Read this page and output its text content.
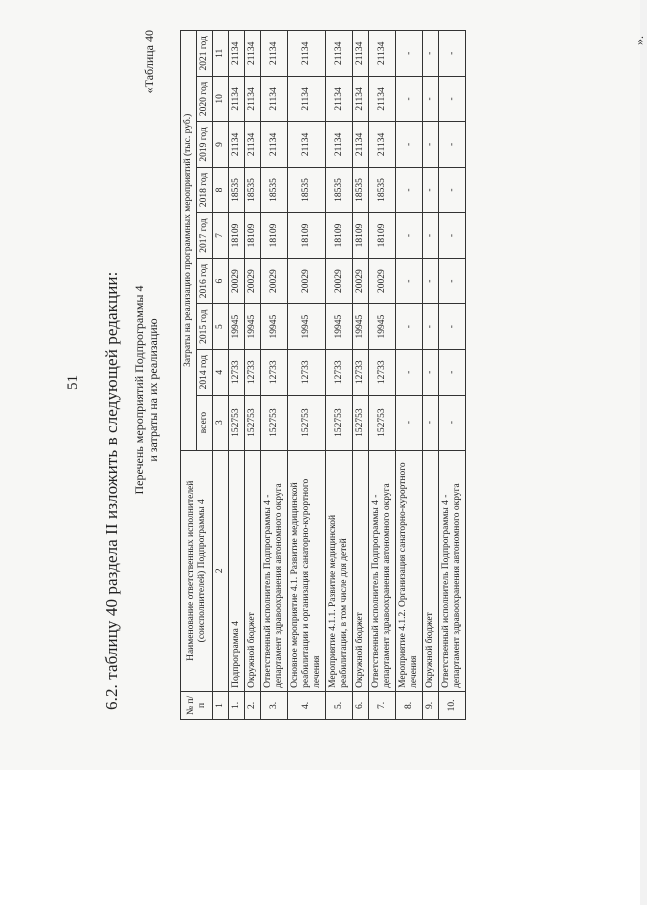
51 6.2. таблицу 40 раздела II изложить в следующей редакции:
«Таблица 40
Перечень мероприятий Подпрограммы 4 и затраты на их реализацию
№ п/п	Наименование ответственных исполнителей (соисполнителей) Подпрограммы 4	Затраты на реализацию программных мероприятий (тыс. руб.)								
		всего	2014 год	2015 год	2016 год	2017 год	2018 год	2019 год	2020 год	2021 год
1	2	3	4	5	6	7	8	9	10	11
1.	Подпрограмма 4	152753	12733	19945	20029	18109	18535	21134	21134	21134
2.	Окружной бюджет	152753	12733	19945	20029	18109	18535	21134	21134	21134
3.	Ответственный исполнитель Подпрограммы 4 - департамент здравоохранения автономного округа	152753	12733	19945	20029	18109	18535	21134	21134	21134
4.	Основное мероприятие 4.1. Развитие медицинской реабилитации и организация санаторно-курортного лечения	152753	12733	19945	20029	18109	18535	21134	21134	21134
5.	Мероприятие 4.1.1. Развитие медицинской реабилитации, в том числе для детей	152753	12733	19945	20029	18109	18535	21134	21134	21134
6.	Окружной бюджет	152753	12733	19945	20029	18109	18535	21134	21134	21134
7.	Ответственный исполнитель Подпрограммы 4 - департамент здравоохранения автономного округа	152753	12733	19945	20029	18109	18535	21134	21134	21134
8.	Мероприятие 4.1.2. Организация санаторно-курортного лечения	-	-	-	-	-	-	-	-	-
9.	Окружной бюджет	-	-	-	-	-	-	-	-	-
10.	Ответственный исполнитель Подпрограммы 4 - департамент здравоохранения автономного округа	-	-	-	-	-	-	-	-	-
».
